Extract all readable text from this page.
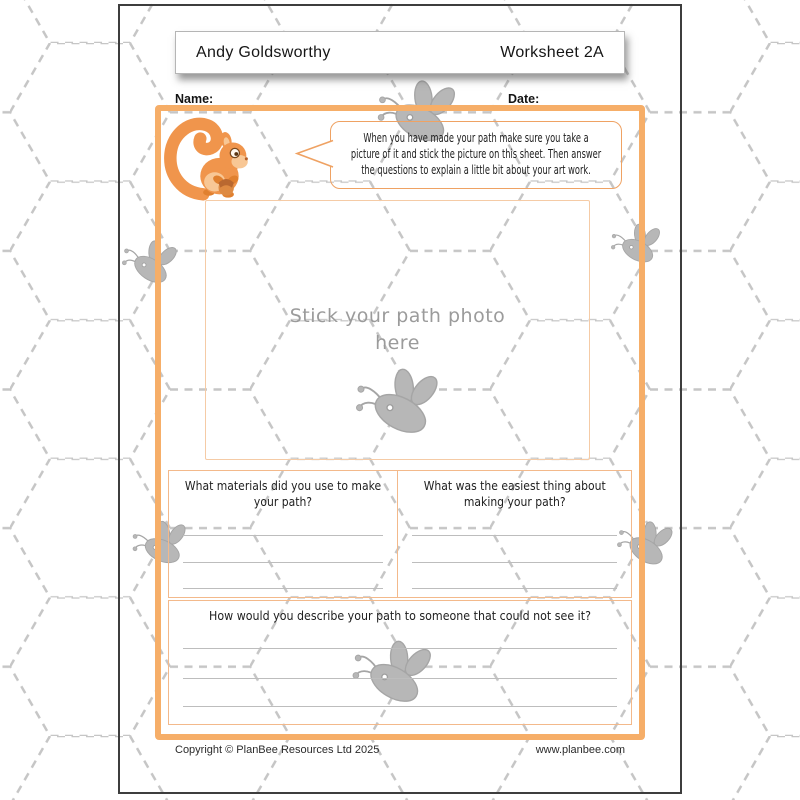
Andy Goldsworthy	Worksheet 2A
Name:	Date:
When you have made your path make sure you take a
picture of it and stick the picture on this sheet. Then answer
the questions to explain a little bit about your art work.
Stick your path photo here
What materials did you use to make
your path?
What was the easiest thing about
making your path?
How would you describe your path to someone that could not see it?
Copyright © PlanBee Resources Ltd 2025	www.planbee.com
